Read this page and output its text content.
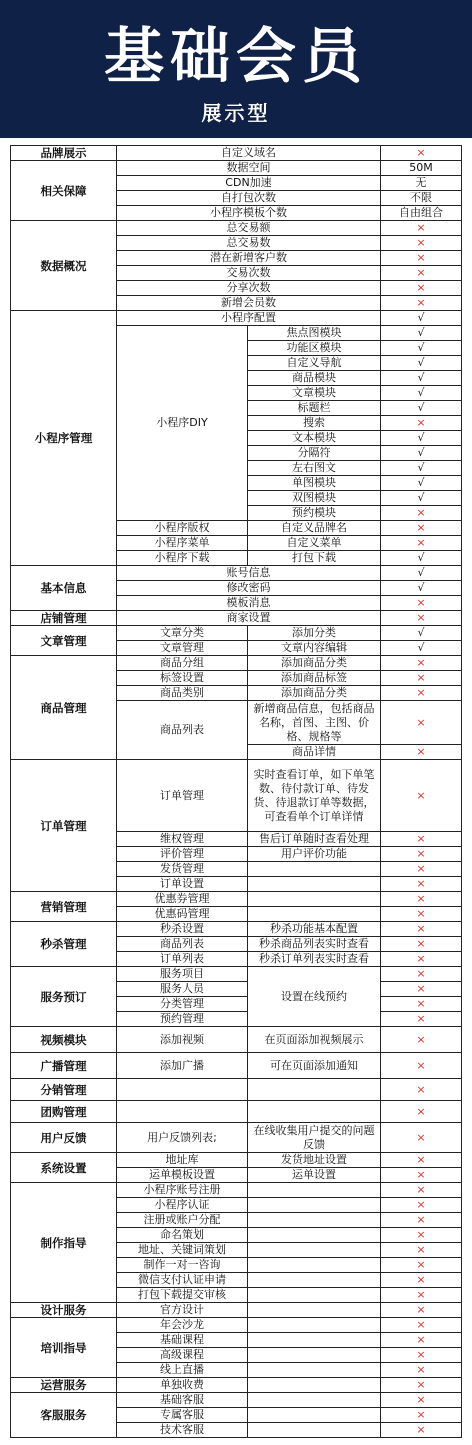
基础会员
展示型
品牌展示	自定义域名		×
相关保障	数据空间		50M
	CDN加速		无
	自打包次数		不限
	小程序模板个数		自由组合
数据概况	总交易额		×
	总交易数		×
	潜在新增客户数		×
	交易次数		×
	分享次数		×
	新增会员数		×
小程序管理	小程序配置		√
	小程序DIY	焦点图模块	√
		功能区模块	√
		自定义导航	√
		商品模块	√
		文章模块	√
		标题栏	√
		搜索	×
		文本模块	√
		分隔符	√
		左右图文	√
		单图模块	√
		双图模块	√
		预约模块	×
	小程序版权	自定义品牌名	×
	小程序菜单	自定义菜单	×
	小程序下载	打包下载	√
基本信息	账号信息		√
	修改密码		√
	模板消息		×
店铺管理	商家设置		×
文章管理	文章分类	添加分类	√
	文章管理	文章内容编辑	√
商品管理	商品分组	添加商品分类	×
	标签设置	添加商品标签	×
	商品类别	添加商品分类	×
	商品列表	新增商品信息，包括商品名称，首图、主图、价格、规格等	×
		商品详情	×
订单管理	订单管理	实时查看订单，如下单笔数、待付款订单、待发货、待退款订单等数据，可查看单个订单详情	×
	维权管理	售后订单随时查看处理	×
	评价管理	用户评价功能	×
	发货管理		×
	订单设置		×
营销管理	优惠券管理		×
	优惠码管理		×
秒杀管理	秒杀设置	秒杀功能基本配置	×
	商品列表	秒杀商品列表实时查看	×
	订单列表	秒杀订单列表实时查看	×
服务预订	服务项目	设置在线预约	×
	服务人员		×
	分类管理		×
	预约管理		×
视频模块	添加视频	在页面添加视频展示	×
广播管理	添加广播	可在页面添加通知	×
分销管理			×
团购管理			×
用户反馈	用户反馈列表;	在线收集用户提交的问题反馈	×
系统设置	地址库	发货地址设置	×
	运单模板设置	运单设置	×
制作指导	小程序账号注册		×
	小程序认证		×
	注册或账户分配		×
	命名策划		×
	地址、关键词策划		×
	制作一对一咨询		×
	微信支付认证申请		×
	打包下载提交审核		×
设计服务	官方设计		×
培训指导	年会沙龙		×
	基础课程		×
	高级课程		×
	线上直播		×
运营服务	单独收费		×
客服服务	基础客服		×
	专属客服		×
	技术客服		×
